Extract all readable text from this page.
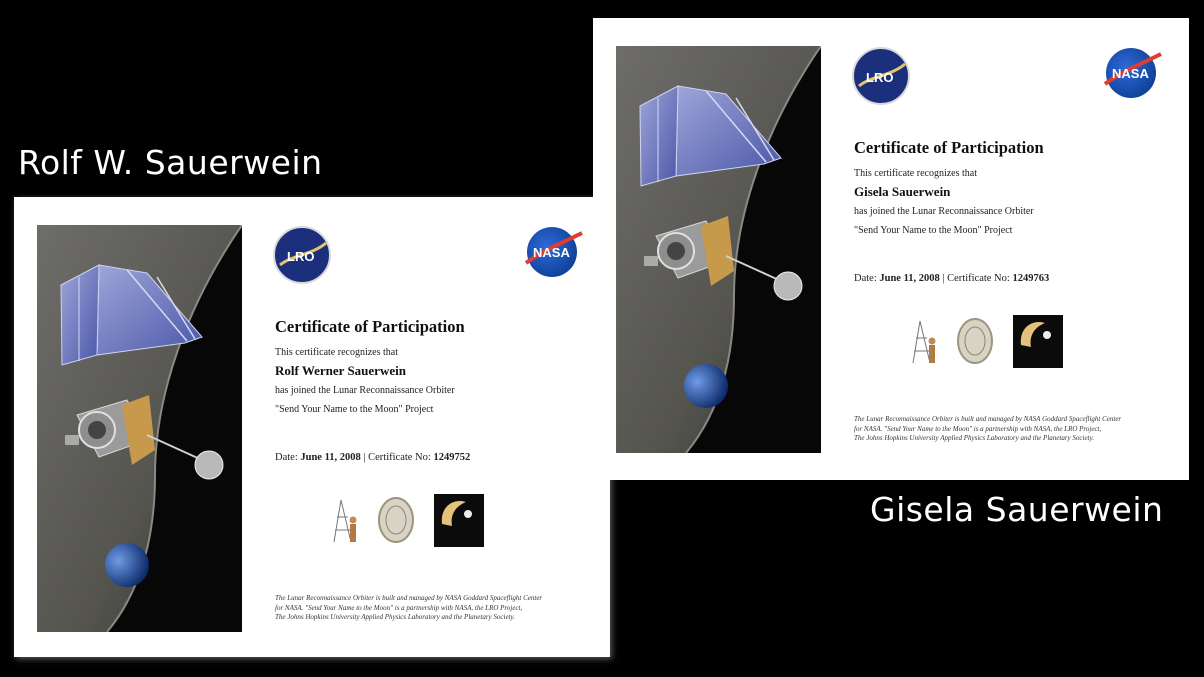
Rolf W. Sauerwein
Gisela Sauerwein
LRO	NASA
Certificate of Participation
This certificate recognizes that
Gisela Sauerwein
has joined the Lunar Reconnaissance Orbiter
"Send Your Name to the Moon" Project
Date: June 11, 2008 | Certificate No: 1249763
The Lunar Reconnaissance Orbiter is built and managed by NASA Goddard Spaceflight Center
for NASA. "Send Your Name to the Moon" is a partnership with NASA, the LRO Project,
The Johns Hopkins University Applied Physics Laboratory and the Planetary Society.
LRO	NASA
Certificate of Participation
This certificate recognizes that
Rolf Werner Sauerwein
has joined the Lunar Reconnaissance Orbiter
"Send Your Name to the Moon" Project
Date: June 11, 2008 | Certificate No: 1249752
The Lunar Reconnaissance Orbiter is built and managed by NASA Goddard Spaceflight Center
for NASA. "Send Your Name to the Moon" is a partnership with NASA, the LRO Project,
The Johns Hopkins University Applied Physics Laboratory and the Planetary Society.
